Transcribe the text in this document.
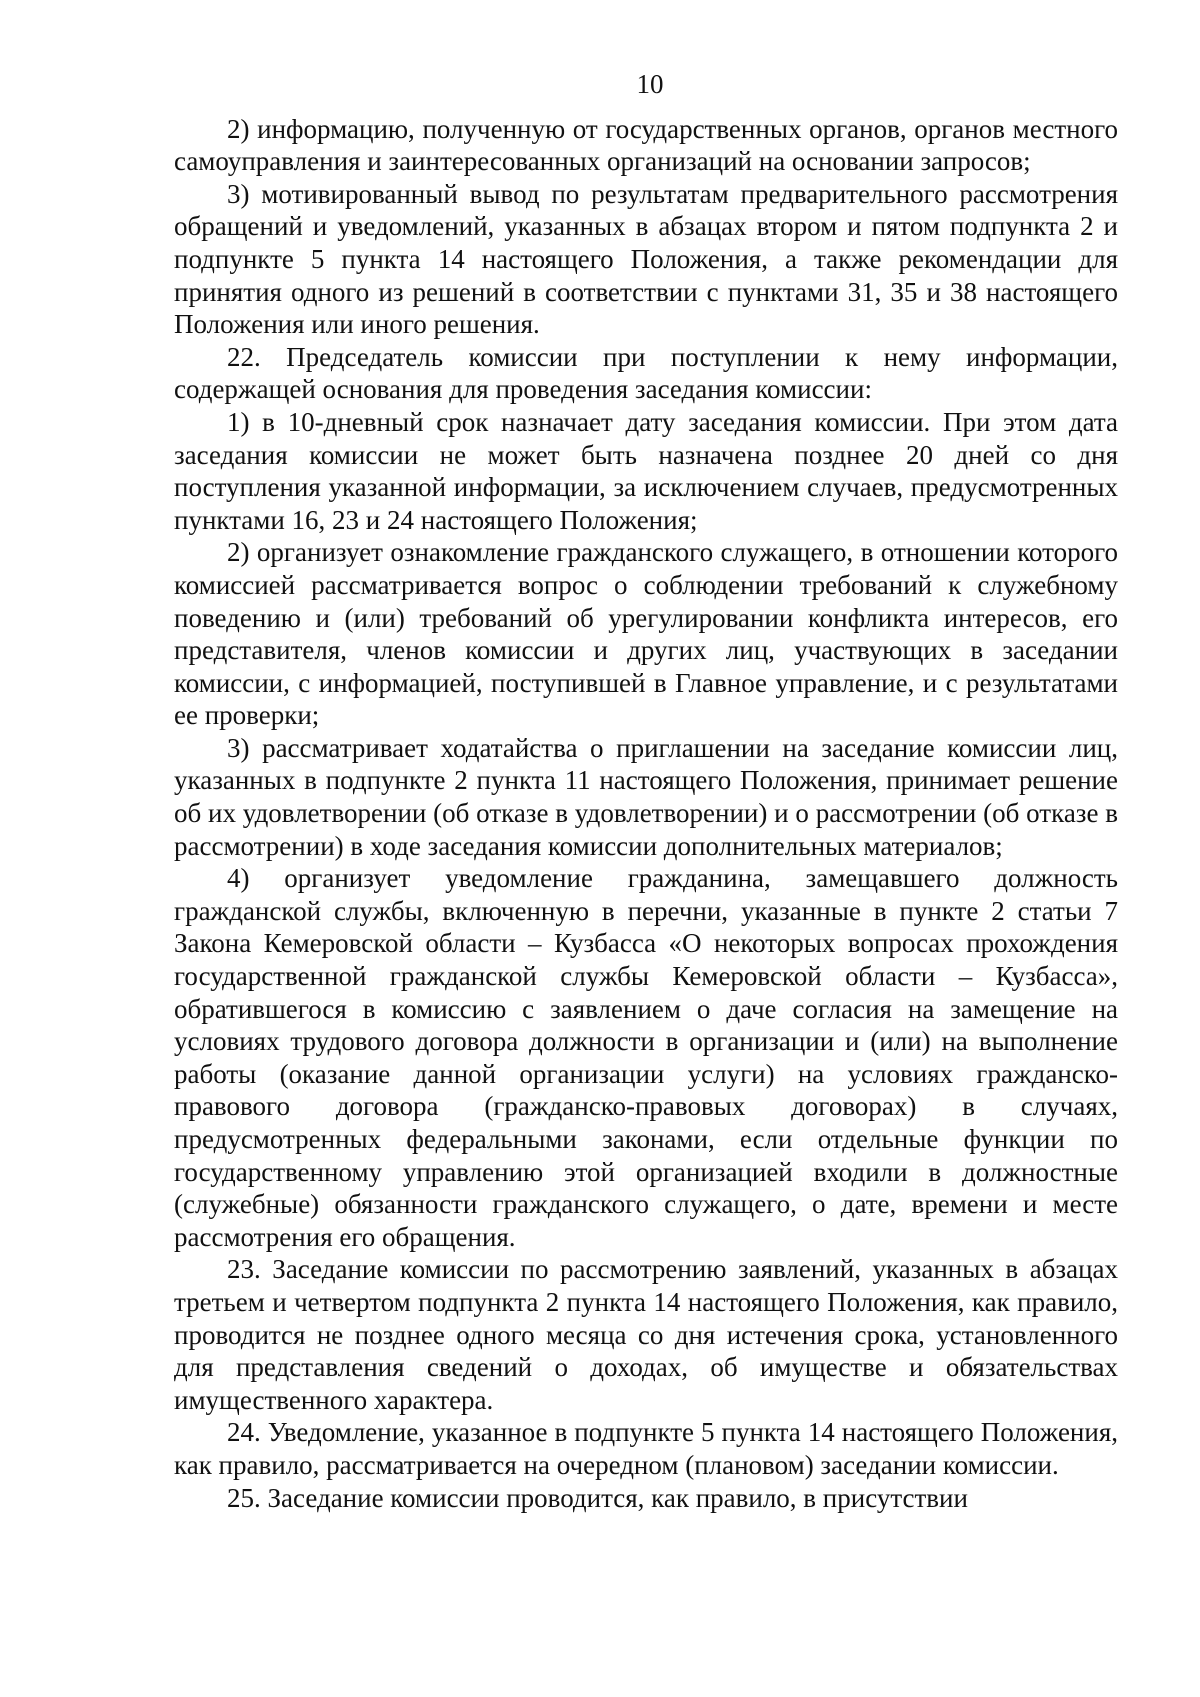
10

2) информацию, полученную от государственных органов, органов местного самоуправления и заинтересованных организаций на основании запросов;

3) мотивированный вывод по результатам предварительного рассмотрения обращений и уведомлений, указанных в абзацах втором и пятом подпункта 2 и подпункте 5 пункта 14 настоящего Положения, а также рекомендации для принятия одного из решений в соответствии с пунктами 31, 35 и 38 настоящего Положения или иного решения.

22. Председатель комиссии при поступлении к нему информации, содержащей основания для проведения заседания комиссии:

1) в 10-дневный срок назначает дату заседания комиссии. При этом дата заседания комиссии не может быть назначена позднее 20 дней со дня поступления указанной информации, за исключением случаев, предусмотренных пунктами 16, 23 и 24 настоящего Положения;

2) организует ознакомление гражданского служащего, в отношении которого комиссией рассматривается вопрос о соблюдении требований к служебному поведению и (или) требований об урегулировании конфликта интересов, его представителя, членов комиссии и других лиц, участвующих в заседании комиссии, с информацией, поступившей в Главное управление, и с результатами ее проверки;

3) рассматривает ходатайства о приглашении на заседание комиссии лиц, указанных в подпункте 2 пункта 11 настоящего Положения, принимает решение об их удовлетворении (об отказе в удовлетворении) и о рассмотрении (об отказе в рассмотрении) в ходе заседания комиссии дополнительных материалов;

4) организует уведомление гражданина, замещавшего должность гражданской службы, включенную в перечни, указанные в пункте 2 статьи 7 Закона Кемеровской области – Кузбасса «О некоторых вопросах прохождения государственной гражданской службы Кемеровской области – Кузбасса», обратившегося в комиссию с заявлением о даче согласия на замещение на условиях трудового договора должности в организации и (или) на выполнение работы (оказание данной организации услуги) на условиях гражданско-правового договора (гражданско-правовых договорах) в случаях, предусмотренных федеральными законами, если отдельные функции по государственному управлению этой организацией входили в должностные (служебные) обязанности гражданского служащего, о дате, времени и месте рассмотрения его обращения.

23. Заседание комиссии по рассмотрению заявлений, указанных в абзацах третьем и четвертом подпункта 2 пункта 14 настоящего Положения, как правило, проводится не позднее одного месяца со дня истечения срока, установленного для представления сведений о доходах, об имуществе и обязательствах имущественного характера.

24. Уведомление, указанное в подпункте 5 пункта 14 настоящего Положения, как правило, рассматривается на очередном (плановом) заседании комиссии.

25. Заседание комиссии проводится, как правило, в присутствии
